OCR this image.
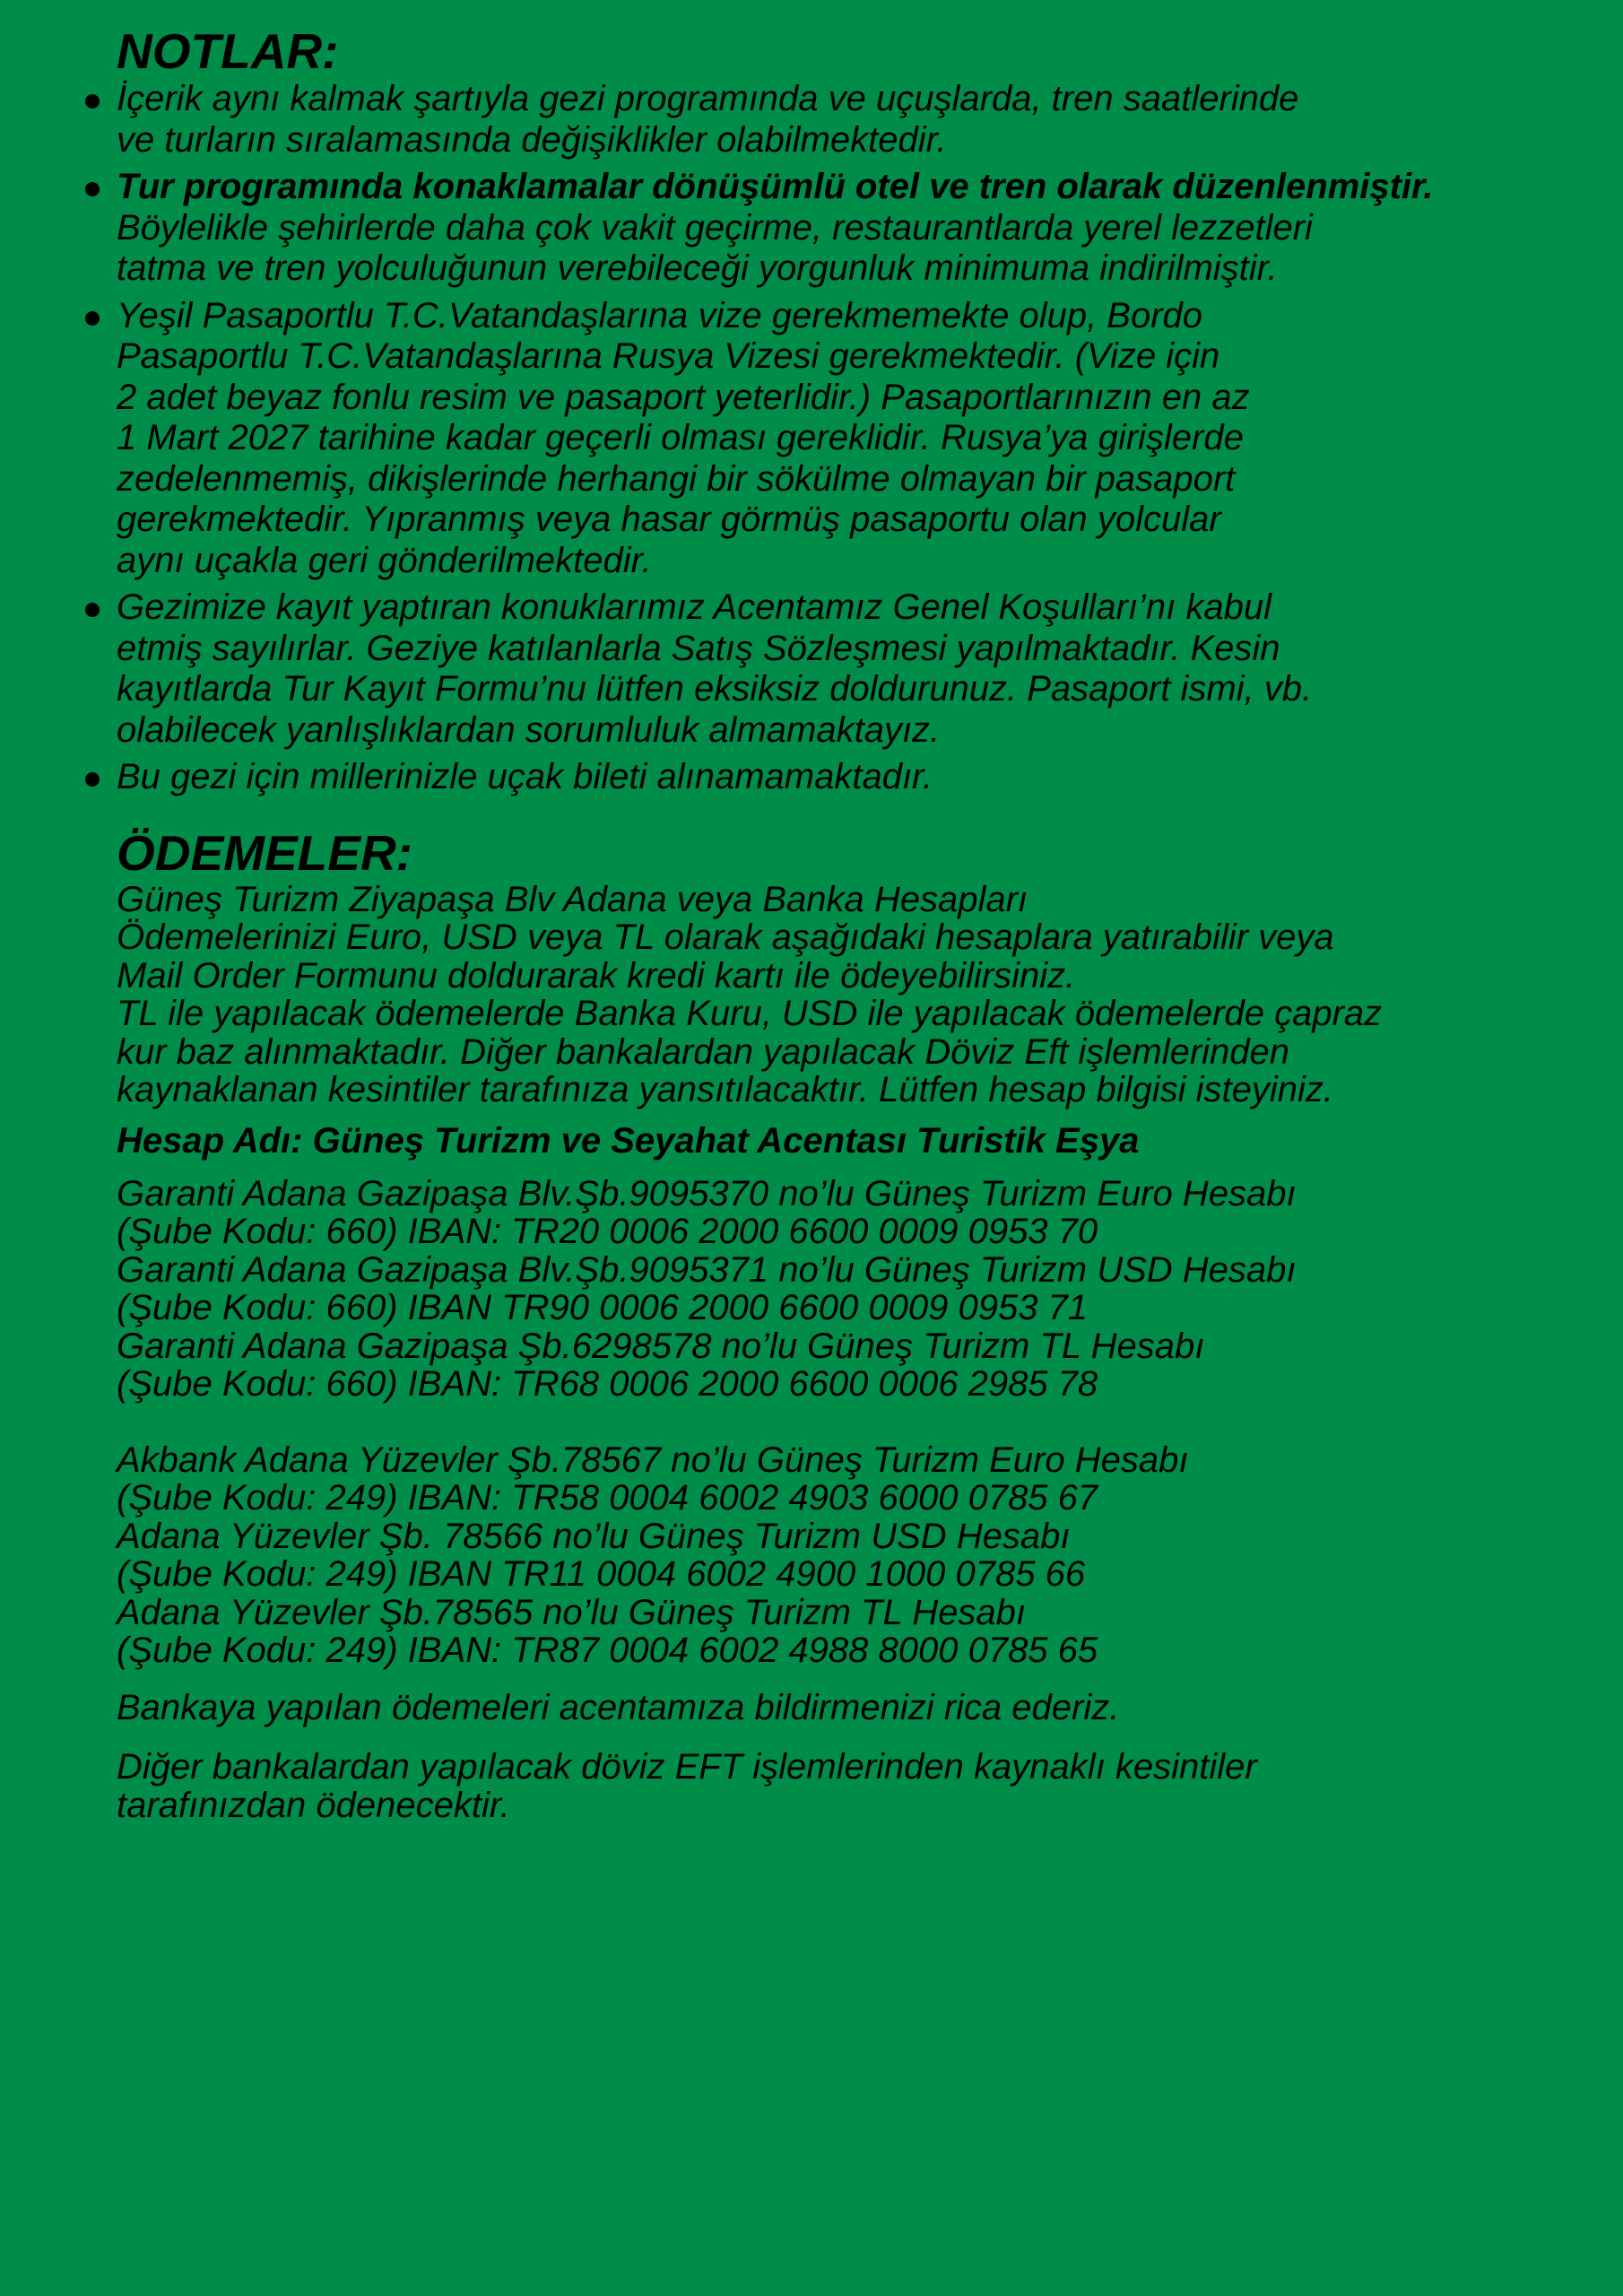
NOTLAR:
İçerik aynı kalmak şartıyla gezi programında ve uçuşlarda, tren saatlerinde
ve turların sıralamasında değişiklikler olabilmektedir.
Tur programında konaklamalar dönüşümlü otel ve tren olarak düzenlenmiştir.
Böylelikle şehirlerde daha çok vakit geçirme, restaurantlarda yerel lezzetleri
tatma ve tren yolculuğunun verebileceği yorgunluk minimuma indirilmiştir.
Yeşil Pasaportlu T.C.Vatandaşlarına vize gerekmemekte olup, Bordo
Pasaportlu T.C.Vatandaşlarına Rusya Vizesi gerekmektedir. (Vize için
2 adet beyaz fonlu resim ve pasaport yeterlidir.) Pasaportlarınızın en az
1 Mart 2027 tarihine kadar geçerli olması gereklidir. Rusya’ya girişlerde
zedelenmemiş, dikişlerinde herhangi bir sökülme olmayan bir pasaport
gerekmektedir. Yıpranmış veya hasar görmüş pasaportu olan yolcular
aynı uçakla geri gönderilmektedir.
Gezimize kayıt yaptıran konuklarımız Acentamız Genel Koşulları’nı kabul
etmiş sayılırlar. Geziye katılanlarla Satış Sözleşmesi yapılmaktadır. Kesin
kayıtlarda Tur Kayıt Formu’nu lütfen eksiksiz doldurunuz. Pasaport ismi, vb.
olabilecek yanlışlıklardan sorumluluk almamaktayız.
Bu gezi için millerinizle uçak bileti alınamamaktadır.
ÖDEMELER:
Güneş Turizm Ziyapaşa Blv Adana veya Banka Hesapları
Ödemelerinizi Euro, USD veya TL olarak aşağıdaki hesaplara yatırabilir veya
Mail Order Formunu doldurarak kredi kartı ile ödeyebilirsiniz.
TL ile yapılacak ödemelerde Banka Kuru, USD ile yapılacak ödemelerde çapraz
kur baz alınmaktadır. Diğer bankalardan yapılacak Döviz Eft işlemlerinden
kaynaklanan kesintiler tarafınıza yansıtılacaktır. Lütfen hesap bilgisi isteyiniz.
Hesap Adı: Güneş Turizm ve Seyahat Acentası Turistik Eşya
Garanti Adana Gazipaşa Blv.Şb.9095370 no’lu Güneş Turizm Euro Hesabı
(Şube Kodu: 660) IBAN: TR20 0006 2000 6600 0009 0953 70
Garanti Adana Gazipaşa Blv.Şb.9095371 no’lu Güneş Turizm USD Hesabı
(Şube Kodu: 660) IBAN TR90 0006 2000 6600 0009 0953 71
Garanti Adana Gazipaşa Şb.6298578 no’lu Güneş Turizm TL Hesabı
(Şube Kodu: 660) IBAN: TR68 0006 2000 6600 0006 2985 78
Akbank Adana Yüzevler Şb.78567 no’lu Güneş Turizm Euro Hesabı
(Şube Kodu: 249) IBAN: TR58 0004 6002 4903 6000 0785 67
Adana Yüzevler Şb. 78566 no’lu Güneş Turizm USD Hesabı
(Şube Kodu: 249) IBAN TR11 0004 6002 4900 1000 0785 66
Adana Yüzevler Şb.78565 no’lu Güneş Turizm TL Hesabı
(Şube Kodu: 249) IBAN: TR87 0004 6002 4988 8000 0785 65
Bankaya yapılan ödemeleri acentamıza bildirmenizi rica ederiz.
Diğer bankalardan yapılacak döviz EFT işlemlerinden kaynaklı kesintiler
tarafınızdan ödenecektir.
